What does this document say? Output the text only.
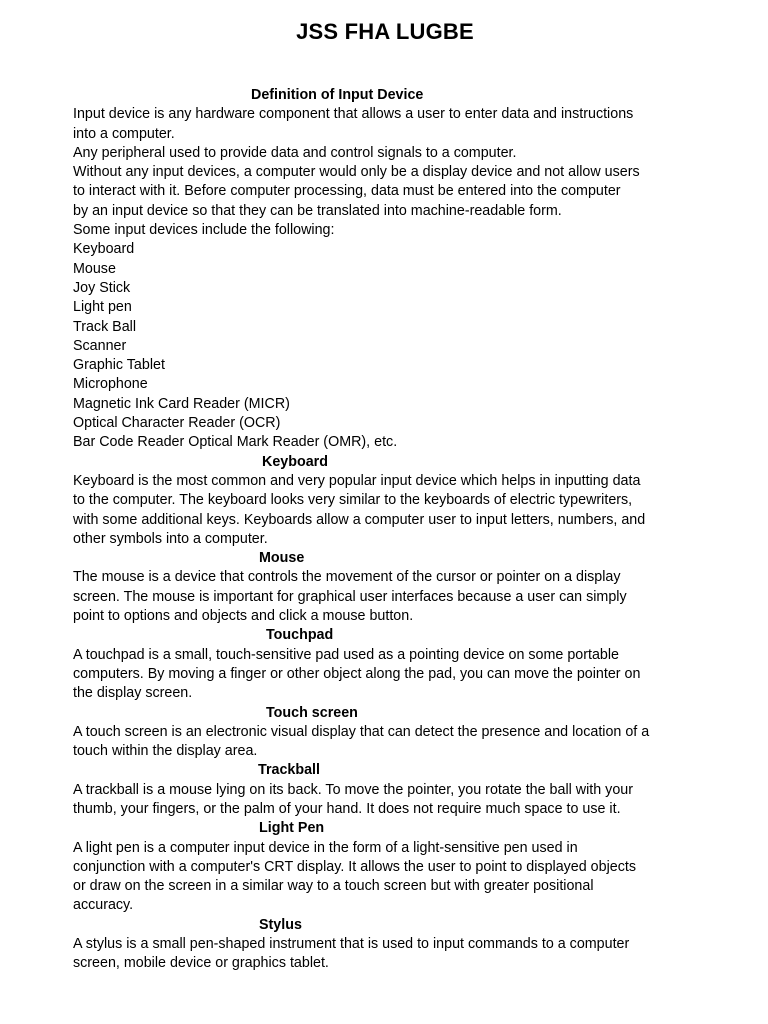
JSS FHA LUGBE
Definition of Input Device
Input device is any hardware component that allows a user to enter data and instructions
into a computer.
Any peripheral used to provide data and control signals to a computer.
Without any input devices, a computer would only be a display device and not allow users
to interact with it. Before computer processing, data must be entered into the computer
by an input device so that they can be translated into machine-readable form.
Some input devices include the following:
Keyboard
Mouse
Joy Stick
Light pen
Track Ball
Scanner
Graphic Tablet
Microphone
Magnetic Ink Card Reader (MICR)
Optical Character Reader (OCR)
Bar Code Reader Optical Mark Reader (OMR), etc.
Keyboard
Keyboard is the most common and very popular input device which helps in inputting data
to the computer. The keyboard looks very similar to the keyboards of electric typewriters,
with some additional keys. Keyboards allow a computer user to input letters, numbers, and
other symbols into a computer.
Mouse
The mouse is a device that controls the movement of the cursor or pointer on a display
screen. The mouse is important for graphical user interfaces because a user can simply
point to options and objects and click a mouse button.
Touchpad
A touchpad is a small, touch-sensitive pad used as a pointing device on some portable
computers. By moving a finger or other object along the pad, you can move the pointer on
the display screen.
Touch screen
A touch screen is an electronic visual display that can detect the presence and location of a
touch within the display area.
Trackball
A trackball is a mouse lying on its back. To move the pointer, you rotate the ball with your
thumb, your fingers, or the palm of your hand. It does not require much space to use it.
Light Pen
A light pen is a computer input device in the form of a light-sensitive pen used in
conjunction with a computer's CRT display. It allows the user to point to displayed objects
or draw on the screen in a similar way to a touch screen but with greater positional
accuracy.
Stylus
A stylus is a small pen-shaped instrument that is used to input commands to a computer
screen, mobile device or graphics tablet.
